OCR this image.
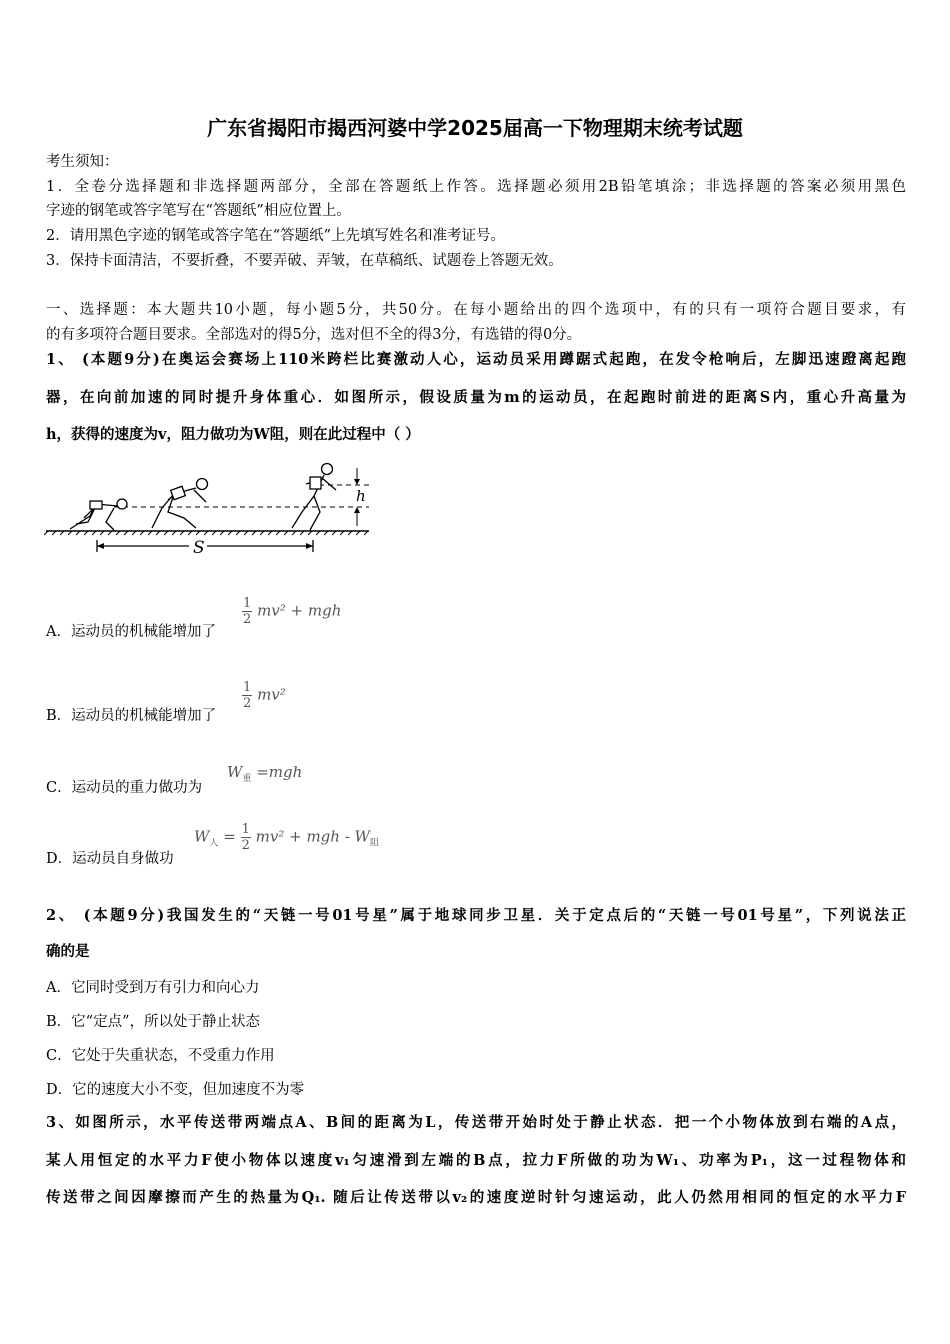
广东省揭阳市揭西河婆中学2025届高一下物理期末统考试题
考生须知：
1．全卷分选择题和非选择题两部分，全部在答题纸上作答。选择题必须用2B铅笔填涂；非选择题的答案必须用黑色
字迹的钢笔或答字笔写在“答题纸”相应位置上。
2．请用黑色字迹的钢笔或答字笔在“答题纸”上先填写姓名和准考证号。
3．保持卡面清洁，不要折叠，不要弄破、弄皱，在草稿纸、试题卷上答题无效。
一、选择题：本大题共10小题，每小题5分，共50分。在每小题给出的四个选项中，有的只有一项符合题目要求，有
的有多项符合题目要求。全部选对的得5分，选对但不全的得3分，有选错的得0分。
1、 (本题9分)在奥运会赛场上110米跨栏比赛激动人心，运动员采用蹲踞式起跑，在发令枪响后，左脚迅速蹬离起跑
器，在向前加速的同时提升身体重心．如图所示，假设质量为m的运动员，在起跑时前进的距离S内，重心升高量为
h，获得的速度为v，阻力做功为W阻，则在此过程中（ ）
h
S
A．运动员的机械能增加了
$\frac{1}{2} mv^2$ + mgh
B．运动员的机械能增加了
$\frac{1}{2} mv^2$
C．运动员的重力做功为
$W_重 =mgh$
D．运动员自身做功
$W_人 = \frac{1}{2} mv^2$ + mgh - $W_阻$
2、 (本题9分)我国发生的“天链一号01号星”属于地球同步卫星．关于定点后的“天链一号01号星”，下列说法正
确的是
A．它同时受到万有引力和向心力
B．它“定点”，所以处于静止状态
C．它处于失重状态，不受重力作用
D．它的速度大小不变，但加速度不为零
3、如图所示，水平传送带两端点A、B间的距离为L，传送带开始时处于静止状态．把一个小物体放到右端的A点，
某人用恒定的水平力F使小物体以速度v₁匀速滑到左端的B点，拉力F所做的功为W₁、功率为P₁，这一过程物体和
传送带之间因摩擦而产生的热量为Q₁. 随后让传送带以v₂的速度逆时针匀速运动，此人仍然用相同的恒定的水平力F
